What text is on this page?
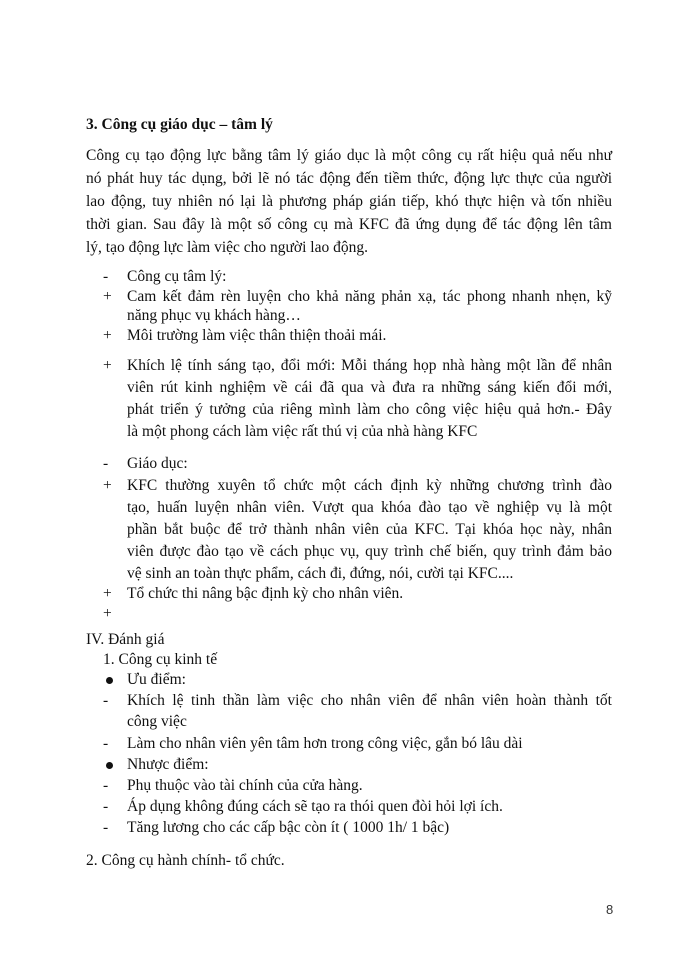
3. Công cụ giáo dục – tâm lý
Công cụ tạo động lực bằng tâm lý giáo dục là một công cụ rất hiệu quả nếu như
nó phát huy tác dụng, bởi lẽ nó tác động đến tiềm thức, động lực thực của người
lao động, tuy nhiên nó lại là phương pháp gián tiếp, khó thực hiện và tốn nhiều
thời gian. Sau đây là một số công cụ mà KFC đã ứng dụng để tác động lên tâm
lý, tạo động lực làm việc cho người lao động.
- Công cụ tâm lý:
+ Cam kết đảm rèn luyện cho khả năng phản xạ, tác phong nhanh nhẹn, kỹ
năng phục vụ khách hàng…
+ Môi trường làm việc thân thiện thoải mái.
+ Khích lệ tính sáng tạo, đổi mới: Mỗi tháng họp nhà hàng một lần để nhân
viên rút kinh nghiệm về cái đã qua và đưa ra những sáng kiến đổi mới,
phát triển ý tưởng của riêng mình làm cho công việc hiệu quả hơn.- Đây
là một phong cách làm việc rất thú vị của nhà hàng KFC
- Giáo dục:
+ KFC thường xuyên tổ chức một cách định kỳ những chương trình đào
tạo, huấn luyện nhân viên. Vượt qua khóa đào tạo về nghiệp vụ là một
phần bắt buộc để trở thành nhân viên của KFC. Tại khóa học này, nhân
viên được đào tạo về cách phục vụ, quy trình chế biến, quy trình đảm bảo
vệ sinh an toàn thực phẩm, cách đi, đứng, nói, cười tại KFC....
+ Tổ chức thi nâng bậc định kỳ cho nhân viên.
+
IV. Đánh giá
1. Công cụ kinh tế
Ưu điểm:
- Khích lệ tinh thần làm việc cho nhân viên để nhân viên hoàn thành tốt
công việc
- Làm cho nhân viên yên tâm hơn trong công việc, gắn bó lâu dài
Nhược điểm:
- Phụ thuộc vào tài chính của cửa hàng.
- Áp dụng không đúng cách sẽ tạo ra thói quen đòi hỏi lợi ích.
- Tăng lương cho các cấp bậc còn ít ( 1000 1h/ 1 bậc)
2. Công cụ hành chính- tổ chức.
8
